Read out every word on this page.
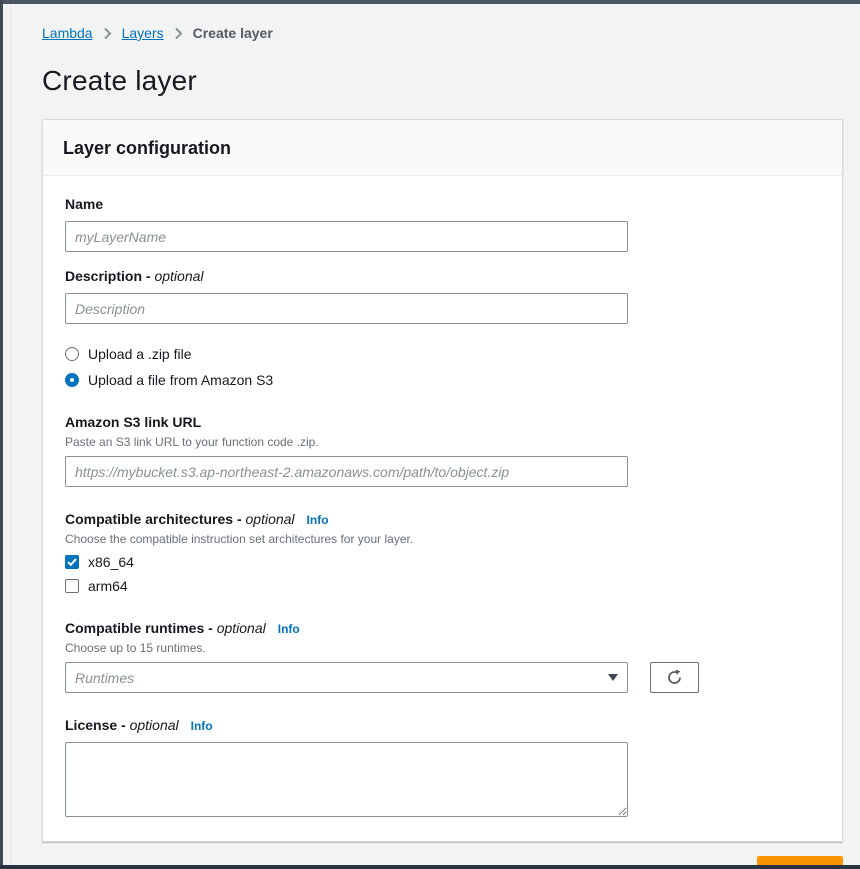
Lambda Layers Create layer
Create layer
Layer configuration
Name
myLayerName
Description - optional
Description
Upload a .zip file
Upload a file from Amazon S3
Amazon S3 link URL
Paste an S3 link URL to your function code .zip.
https://mybucket.s3.ap-northeast-2.amazonaws.com/path/to/object.zip
Compatible architectures - optional Info
Choose the compatible instruction set architectures for your layer.
x86_64
arm64
Compatible runtimes - optional Info
Choose up to 15 runtimes.
Runtimes
License - optional Info
